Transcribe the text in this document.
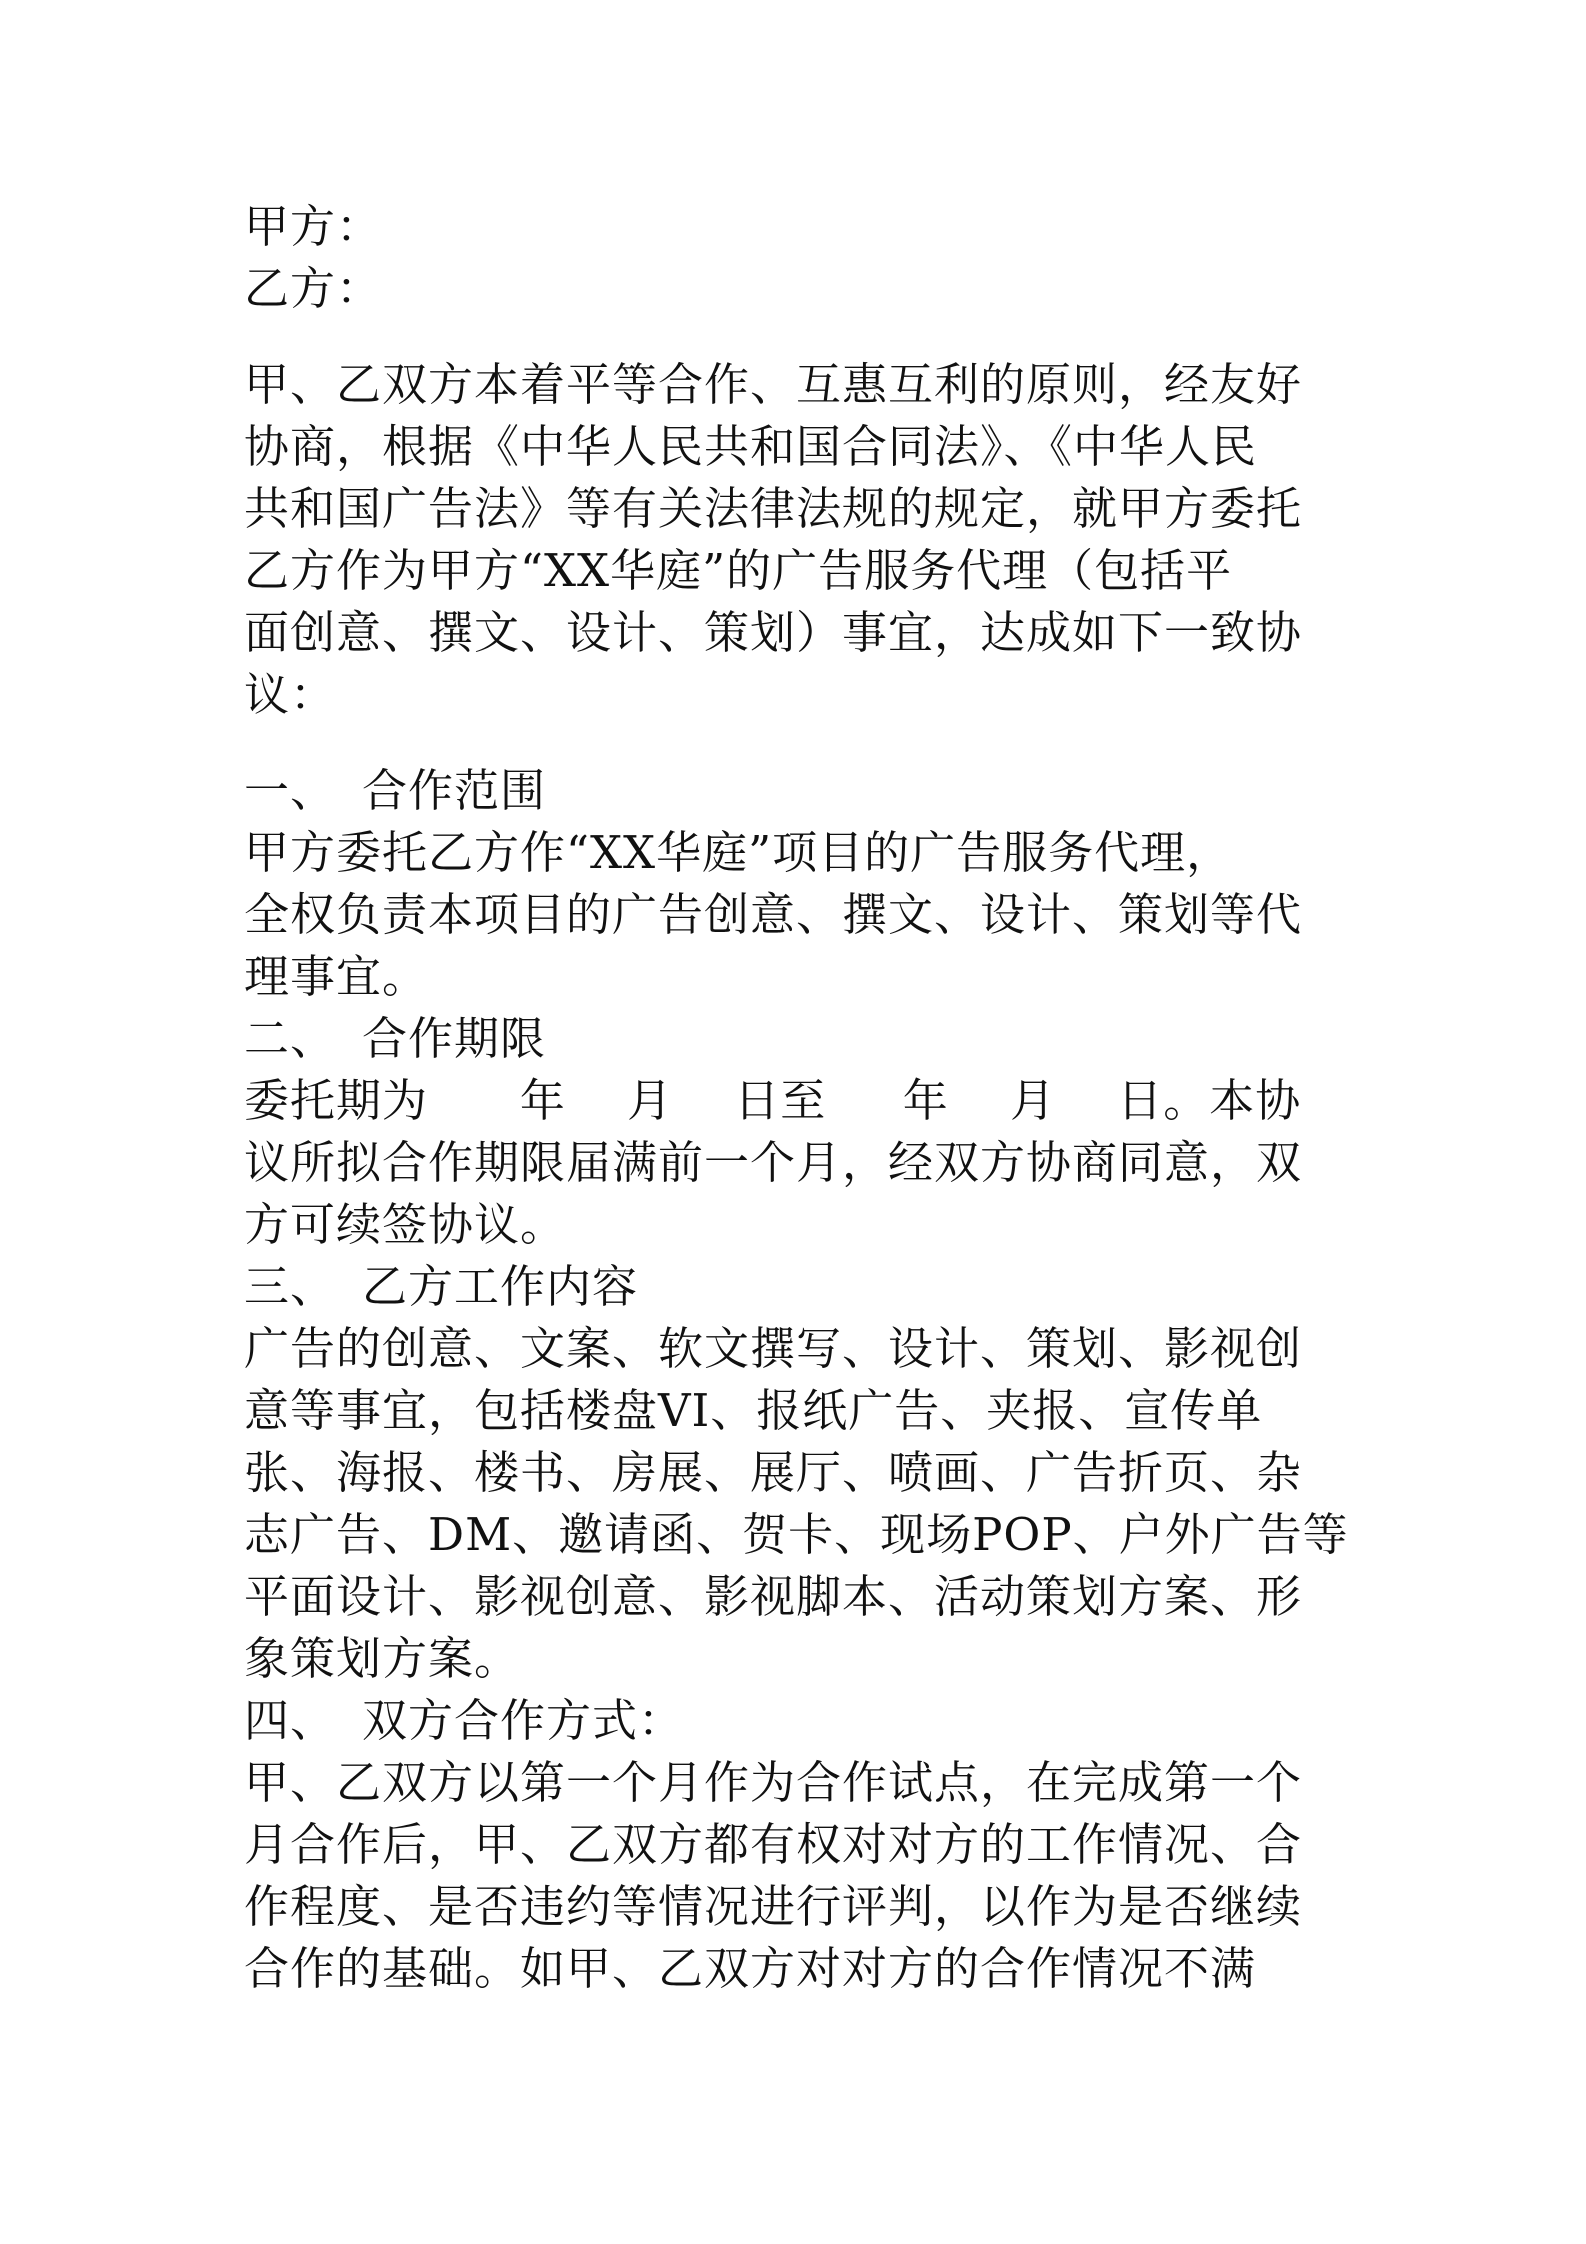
甲方：
乙方：
甲、乙双方本着平等合作、互惠互利的原则，经友好
协商，根据《中华人民共和国合同法》、《中华人民
共和国广告法》等有关法律法规的规定，就甲方委托
乙方作为甲方“XX华庭”的广告服务代理（包括平
面创意、撰文、设计、策划）事宜，达成如下一致协
议：
一、 合作范围
甲方委托乙方作“XX华庭”项目的广告服务代理，
全权负责本项目的广告创意、撰文、设计、策划等代
理事宜。
二、 合作期限
委托期为      年    月    日至     年    月    日。本协
议所拟合作期限届满前一个月，经双方协商同意，双
方可续签协议。
三、 乙方工作内容
广告的创意、文案、软文撰写、设计、策划、影视创
意等事宜，包括楼盘VI、报纸广告、夹报、宣传单
张、海报、楼书、房展、展厅、喷画、广告折页、杂
志广告、DM、邀请函、贺卡、现场POP、户外广告等
平面设计、影视创意、影视脚本、活动策划方案、形
象策划方案。
四、 双方合作方式：
甲、乙双方以第一个月作为合作试点，在完成第一个
月合作后，甲、乙双方都有权对对方的工作情况、合
作程度、是否违约等情况进行评判，以作为是否继续
合作的基础。如甲、乙双方对对方的合作情况不满
